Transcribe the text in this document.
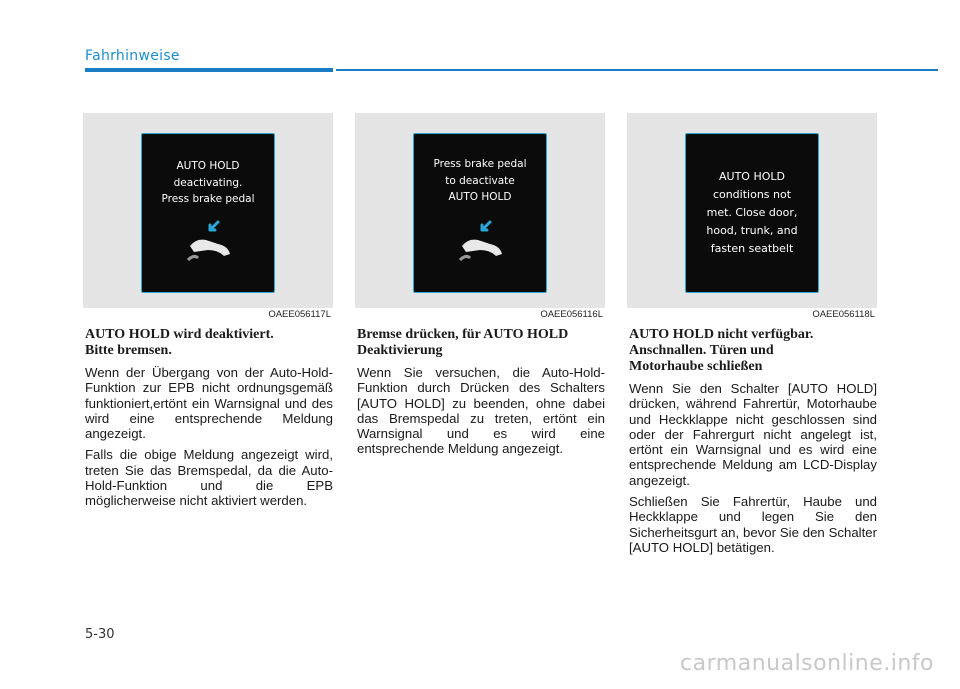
Fahrhinweise
AUTO HOLD
deactivating.
Press brake pedal
OAEE056117L
AUTO HOLD wird deaktiviert.
Bitte bremsen.

Wenn der Übergang von der Auto-Hold-Funktion zur EPB nicht ordnungsgemäß funktioniert,ertönt ein Warnsignal und des wird eine entsprechende Meldung angezeigt.

Falls die obige Meldung angezeigt wird, treten Sie das Bremspedal, da die Auto-Hold-Funktion und die EPB möglicherweise nicht aktiviert werden.

Press brake pedal
to deactivate
AUTO HOLD
OAEE056116L
Bremse drücken, für AUTO HOLD
Deaktivierung

Wenn Sie versuchen, die Auto-Hold-Funktion durch Drücken des Schalters [AUTO HOLD] zu beenden, ohne dabei das Bremspedal zu treten, ertönt ein Warnsignal und es wird eine entsprechende Meldung angezeigt.

AUTO HOLD
conditions not
met. Close door,
hood, trunk, and
fasten seatbelt
OAEE056118L
AUTO HOLD nicht verfügbar.
Anschnallen. Türen und
Motorhaube schließen

Wenn Sie den Schalter [AUTO HOLD] drücken, während Fahrertür, Motorhaube und Heckklappe nicht geschlossen sind oder der Fahrergurt nicht angelegt ist, ertönt ein Warnsignal und es wird eine entsprechende Meldung am LCD-Display angezeigt.

Schließen Sie Fahrertür, Haube und Heckklappe und legen Sie den Sicherheitsgurt an, bevor Sie den Schalter [AUTO HOLD] betätigen.

5-30
carmanualsonline.info
